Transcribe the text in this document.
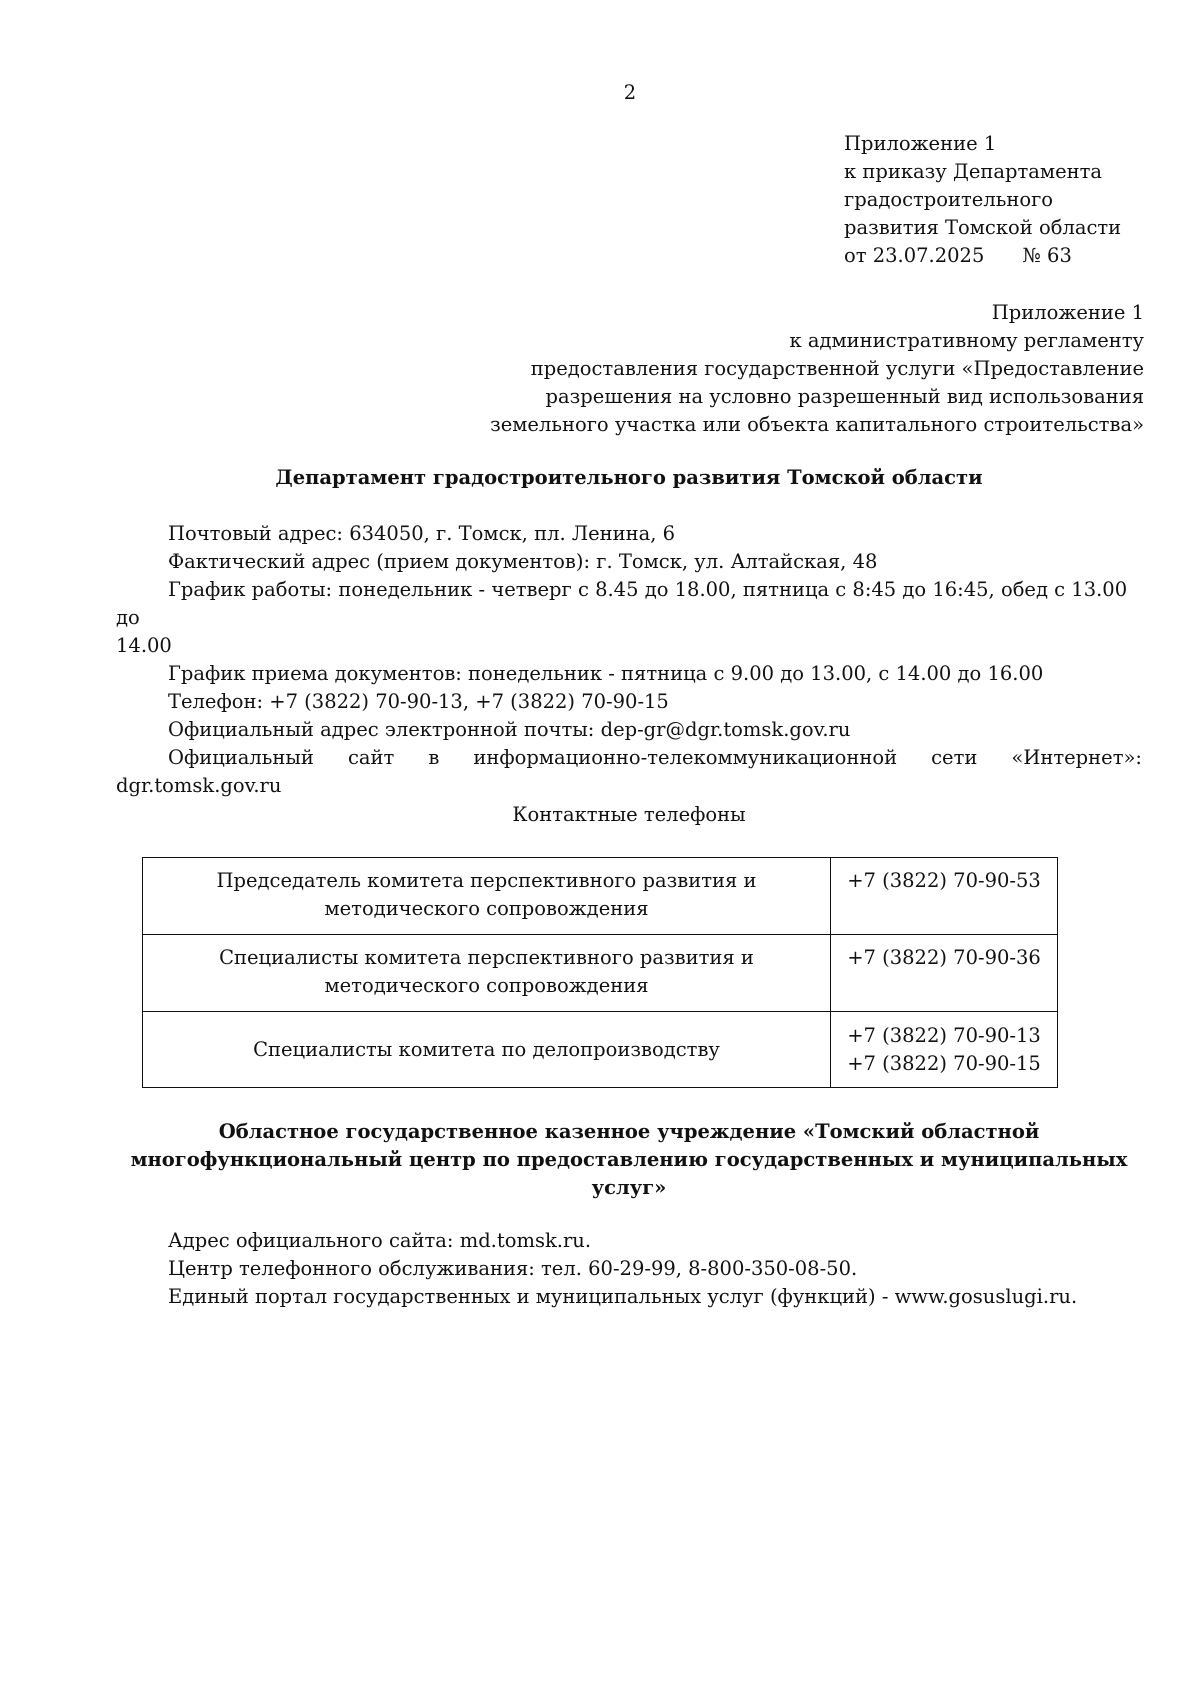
2
Приложение 1
к приказу Департамента
градостроительного
развития Томской области
от 23.07.2025 № 63
Приложение 1
к административному регламенту
предоставления государственной услуги «Предоставление
разрешения на условно разрешенный вид использования
земельного участка или объекта капитального строительства»
Департамент градостроительного развития Томской области

Почтовый адрес: 634050, г. Томск, пл. Ленина, 6

Фактический адрес (прием документов): г. Томск, ул. Алтайская, 48

График работы: понедельник - четверг с 8.45 до 18.00, пятница с 8:45 до 16:45, обед с 13.00 до

14.00

График приема документов: понедельник - пятница с 9.00 до 13.00, с 14.00 до 16.00

Телефон: +7 (3822) 70-90-13, +7 (3822) 70-90-15

Официальный адрес электронной почты: dep-gr@dgr.tomsk.gov.ru

Официальный сайт в информационно-телекоммуникационной сети «Интернет»:

dgr.tomsk.gov.ru

Контактные телефоны
Председатель комитета перспективного развития и
методического сопровождения	+7 (3822) 70-90-53

Специалисты комитета перспективного развития и
методического сопровождения	+7 (3822) 70-90-36

Специалисты комитета по делопроизводству	+7 (3822) 70-90-13
+7 (3822) 70-90-15
Областное государственное казенное учреждение «Томский областной
многофункциональный центр по предоставлению государственных и муниципальных
услуг»

Адрес официального сайта: md.tomsk.ru.

Центр телефонного обслуживания: тел. 60-29-99, 8-800-350-08-50.

Единый портал государственных и муниципальных услуг (функций) - www.gosuslugi.ru.
